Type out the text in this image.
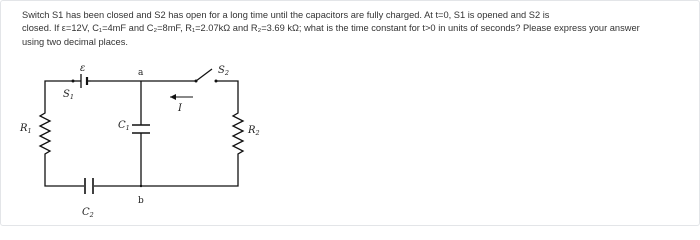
Switch S1 has been closed and S2 has open for a long time until the capacitors are fully charged. At t=0, S1 is opened and S2 is
closed. If ε=12V, C₁=4mF and C₂=8mF, R₁=2.07kΩ and R₂=3.69 kΩ; what is the time constant for t>0 in units of seconds? Please express your answer
using two decimal places.
ε
$S_1$
a
b
I
$S_2$
$C_1$
$C_2$
$R_1$	$R_2$
